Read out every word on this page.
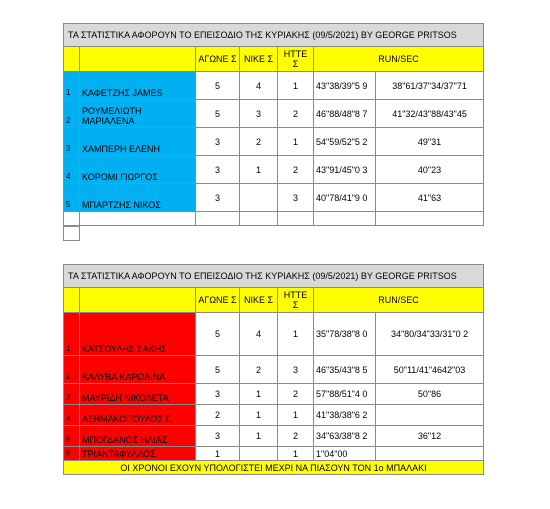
ΤΑ ΣΤΑΤΙΣΤΙΚΑ ΑΦΟΡΟΥΝ ΤΟ ΕΠΕΙΣΟΔΙΟ ΤΗΣ ΚΥΡΙΑΚΗΣ (09/5/2021) BY GEORGE PRITSOS						
		ΑΓΩΝΕ Σ	ΝΙΚΕ Σ	ΗΤΤΕ Σ	RUN/SEC	
1	ΚΑΦΕΤΖΗΣ JAMES	5	4	1	43"38/39"5 9	38"61/37"34/37"71
2	ΡΟΥΜΕΛΙΩΤΗ ΜΑΡΙΑΛΕΝΑ	5	3	2	46"88/48"8 7	41"32/43"88/43"45
3	ΧΑΜΠΕΡΗ ΕΛΕΝΗ	3	2	1	54"59/52"5 2	49"31
4	ΚΟΡΟΜΙ ΓΙΩΡΓΟΣ	3	1	2	43"91/45"0 3	40"23
5	ΜΠΑΡΤΖΗΣ ΝΙΚΟΣ	3		3	40"78/41"9 0	41"63

ΤΑ ΣΤΑΤΙΣΤΙΚΑ ΑΦΟΡΟΥΝ ΤΟ ΕΠΕΙΣΟΔΙΟ ΤΗΣ ΚΥΡΙΑΚΗΣ (09/5/2021) BY GEORGE PRITSOS						
		ΑΓΩΝΕ Σ	ΝΙΚΕ Σ	ΗΤΤΕ Σ	RUN/SEC	
1	ΚΑΤΣΟΥΛΗΣ ΣΑΚΗΣ	5	4	1	35"78/38"8 0	34"80/34"33/31"0 2
2	ΚΑΛΥΒΑ ΚΑΡΟΛΙΝΑ	5	2	3	46"35/43"8 5	50"11/41"4642"03
3	ΜΑΥΡΙΔΗ ΝΙΚΟΛΕΤΑ	3	1	2	57"88/51"4 0	50"86
4	ΑΣΗΜΑΚΟΠΟΥΛΟΣ Γ.	2	1	1	41"38/38"6 2	
5	ΜΠΟΓΔΑΝΟΣ ΗΛΙΑΣ	3	1	2	34"63/38"8 2	36"12
6	ΤΡΙΑΝΤΑΦΥΛΛΟΣ	1		1	1"04"00	
ΟΙ ΧΡΟΝΟΙ ΕΧΟΥΝ ΥΠΟΛΟΓΙΣΤΕΙ ΜΕΧΡΙ ΝΑ ΠΙΑΣΟΥΝ ΤΟΝ 1ο ΜΠΑΛΑΚΙ						
